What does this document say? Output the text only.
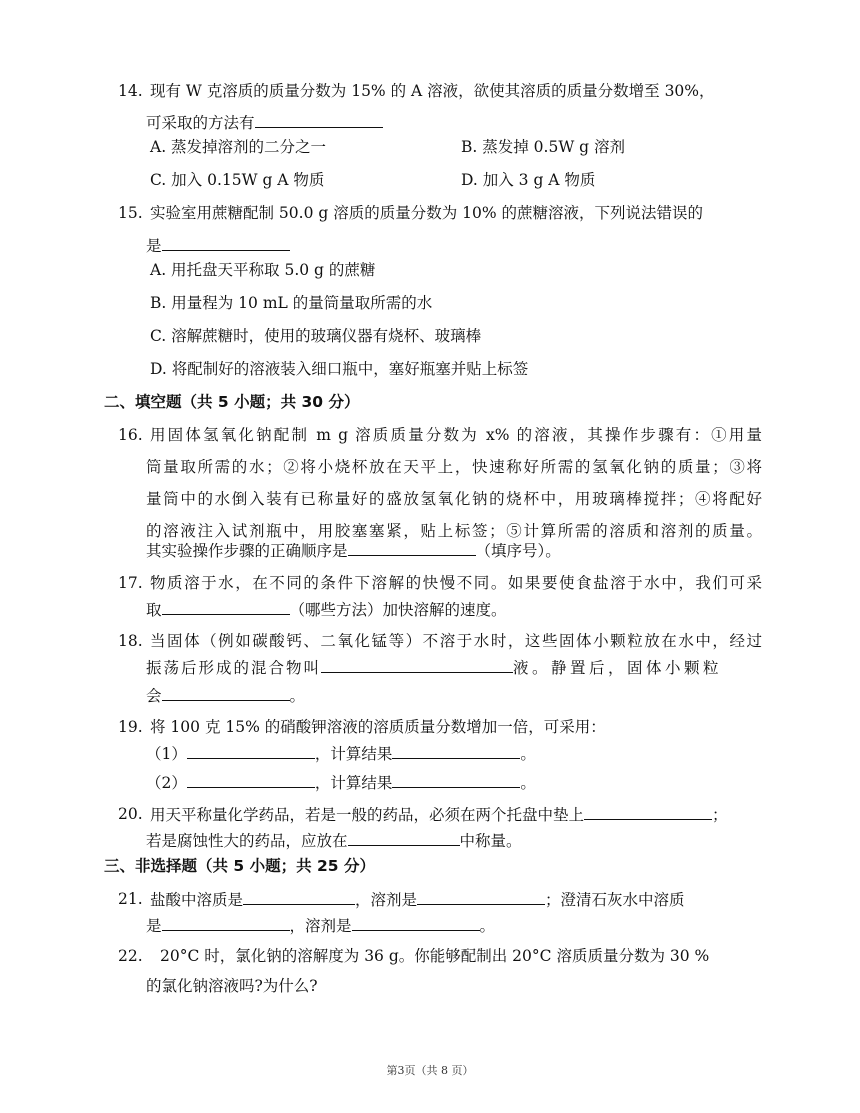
14. 现有 W 克溶质的质量分数为 15% 的 A 溶液，欲使其溶质的质量分数增至 30%，
可采取的方法有
A. 蒸发掉溶剂的二分之一	B. 蒸发掉 0.5W g 溶剂
C. 加入 0.15W g A 物质	D. 加入 3 g A 物质
15. 实验室用蔗糖配制 50.0 g 溶质的质量分数为 10% 的蔗糖溶液，下列说法错误的
是
A. 用托盘天平称取 5.0 g 的蔗糖
B. 用量程为 10 mL 的量筒量取所需的水
C. 溶解蔗糖时，使用的玻璃仪器有烧杯、玻璃棒
D. 将配制好的溶液装入细口瓶中，塞好瓶塞并贴上标签
二、填空题（共 5 小题；共 30 分）
16. 用固体氢氧化钠配制 m g 溶质质量分数为 x% 的溶液，其操作步骤有：①用量
筒量取所需的水；②将小烧杯放在天平上，快速称好所需的氢氧化钠的质量；③将
量筒中的水倒入装有已称量好的盛放氢氧化钠的烧杯中，用玻璃棒搅拌；④将配好
的溶液注入试剂瓶中，用胶塞塞紧，贴上标签；⑤计算所需的溶质和溶剂的质量。
其实验操作步骤的正确顺序是	（填序号）。
17. 物质溶于水，在不同的条件下溶解的快慢不同。如果要使食盐溶于水中，我们可采
取	（哪些方法）加快溶解的速度。
18. 当固体（例如碳酸钙、二氧化锰等）不溶于水时，这些固体小颗粒放在水中，经过
振荡后形成的混合物叫	液。静置后，固体小颗粒
会	。
19. 将 100 克 15% 的硝酸钾溶液的溶质质量分数增加一倍，可采用：
（1）	，计算结果	。
（2）	，计算结果	。
20. 用天平称量化学药品，若是一般的药品，必须在两个托盘中垫上	；
若是腐蚀性大的药品，应放在	中称量。
三、非选择题（共 5 小题；共 25 分）
21. 盐酸中溶质是	，溶剂是	；澄清石灰水中溶质
是	，溶剂是	。
22. 20°C 时，氯化钠的溶解度为 36 g。你能够配制出 20°C 溶质质量分数为 30 %
的氯化钠溶液吗?为什么?
第3页（共 8 页）
